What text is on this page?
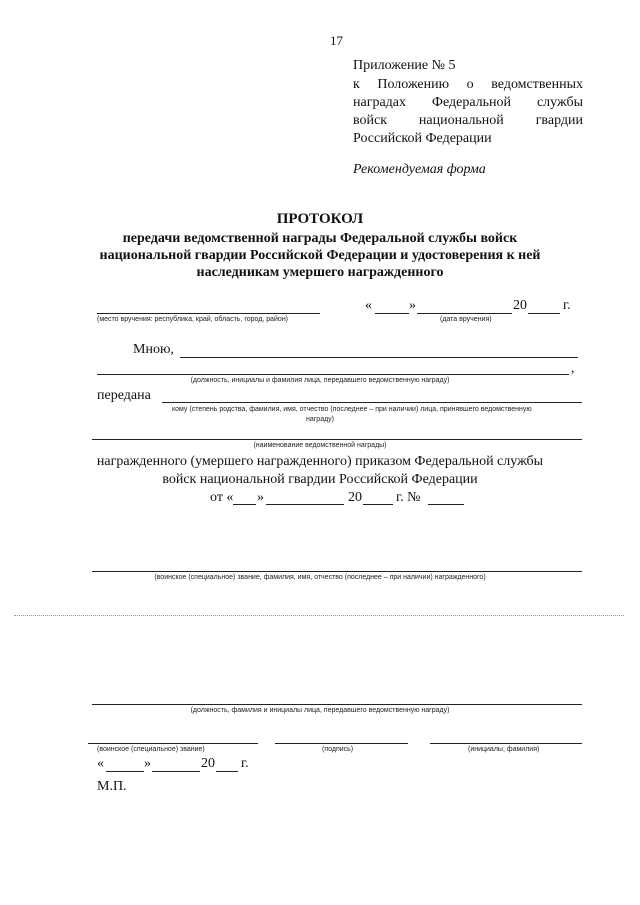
17
Приложение № 5
к Положению о ведомственных
наградах Федеральной службы
войск национальной гвардии
Российской Федерации
Рекомендуемая форма
ПРОТОКОЛ
передачи ведомственной награды Федеральной службы войск
национальной гвардии Российской Федерации и удостоверения к ней
наследникам умершего награжденного
(место вручения: республика, край, область, город, район)
«	»	20	г.
(дата вручения)
Мною,
,
(должность, инициалы и фамилия лица, передавшего ведомственную награду)
передана
кому (степень родства, фамилия, имя, отчество (последнее – при наличии) лица, принявшего ведомственную
награду)
(наименование ведомственной награды)
награжденного (умершего награжденного) приказом Федеральной службы
войск национальной гвардии Российской Федерации
от « »	20 г. №
(воинское (специальное) звание, фамилия, имя, отчество (последнее – при наличии) награжденного)
(должность, фамилия и инициалы лица, передавшего ведомственную награду)
(воинское (специальное) звание)	(подпись)	(инициалы, фамилия)
«	»	20 г.
М.П.
